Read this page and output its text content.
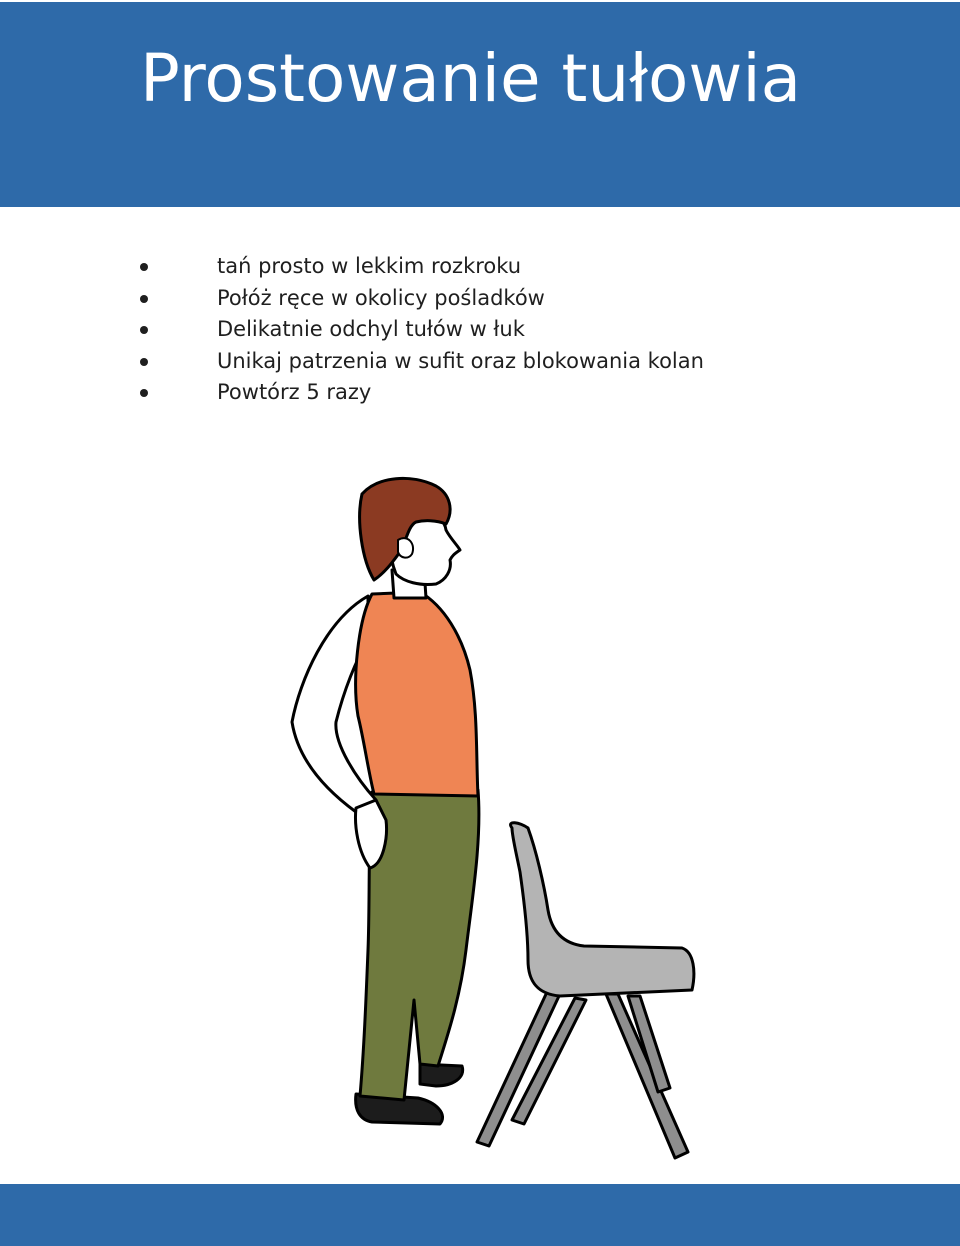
Prostowanie tułowia
tań prosto w lekkim rozkroku
Połóż ręce w okolicy pośladków
Delikatnie odchyl tułów w łuk
Unikaj patrzenia w sufit oraz blokowania kolan
Powtórz 5 razy
